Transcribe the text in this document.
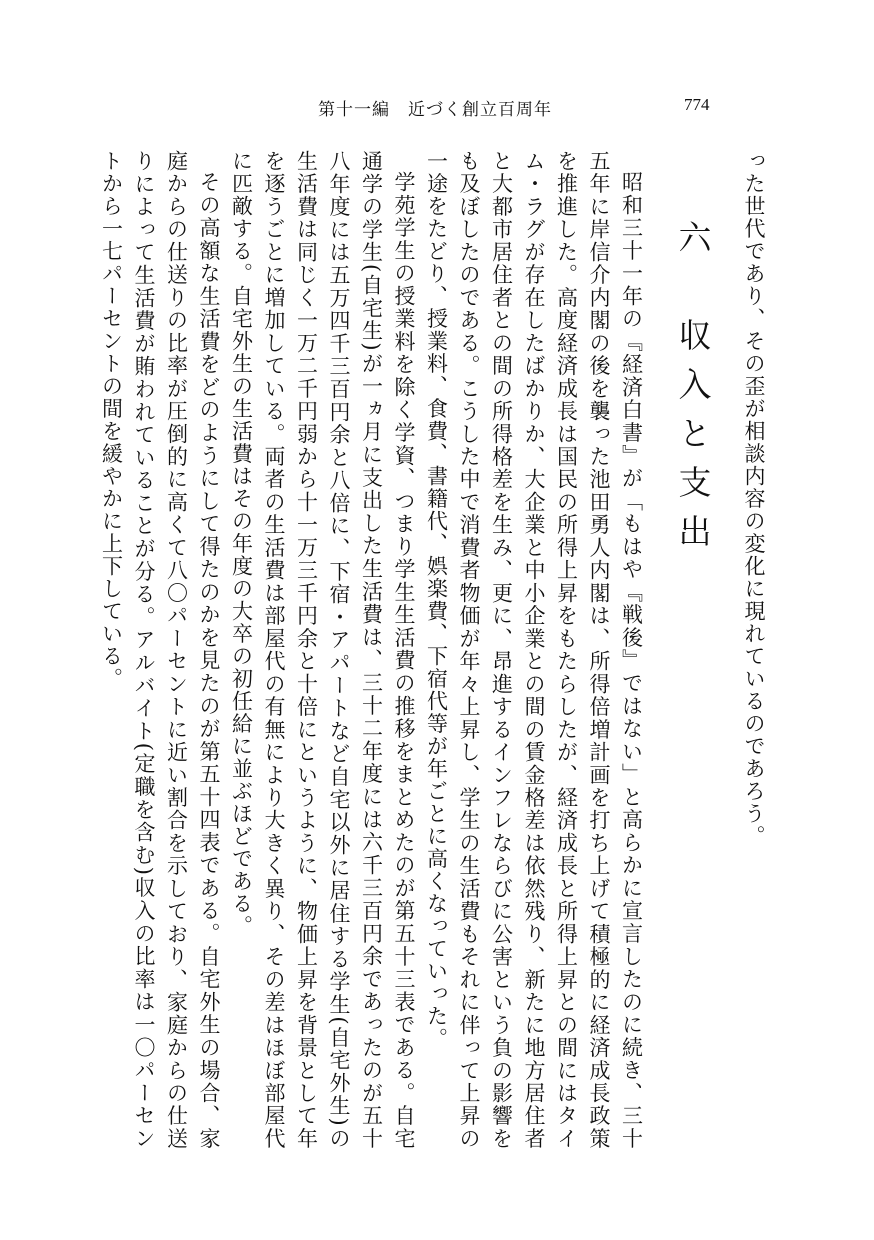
第十一編　近づく創立百周年	774

った世代であり、その歪が相談内容の変化に現れているのであろう。

六　収入と支出

昭和三十一年の『経済白書』が「もはや『戦後』ではない」と高らかに宣言したのに続き、三十五年に岸信介内閣の後を襲った池田勇人内閣は、所得倍増計画を打ち上げて積極的に経済成長政策を推進した。高度経済成長は国民の所得上昇をもたらしたが、経済成長と所得上昇との間にはタイム・ラグが存在したばかりか、大企業と中小企業との間の賃金格差は依然残り、新たに地方居住者と大都市居住者との間の所得格差を生み、更に、昂進するインフレならびに公害という負の影響をも及ぼしたのである。こうした中で消費者物価が年々上昇し、学生の生活費もそれに伴って上昇の一途をたどり、授業料、食費、書籍代、娯楽費、下宿代等が年ごとに高くなっていった。

学苑学生の授業料を除く学資、つまり学生生活費の推移をまとめたのが第五十三表である。自宅通学の学生(自宅生)が一ヵ月に支出した生活費は、三十二年度には六千三百円余であったのが五十八年度には五万四千三百円余と八倍に、下宿・アパートなど自宅以外に居住する学生(自宅外生)の生活費は同じく一万二千円弱から十一万三千円余と十倍にというように、物価上昇を背景として年を逐うごとに増加している。両者の生活費は部屋代の有無により大きく異り、その差はほぼ部屋代に匹敵する。自宅外生の生活費はその年度の大卒の初任給に並ぶほどである。

その高額な生活費をどのようにして得たのかを見たのが第五十四表である。自宅外生の場合、家庭からの仕送りの比率が圧倒的に高くて八〇パーセントに近い割合を示しており、家庭からの仕送りによって生活費が賄われていることが分る。アルバイト(定職を含む)収入の比率は一〇パーセントから一七パーセントの間を緩やかに上下している。
